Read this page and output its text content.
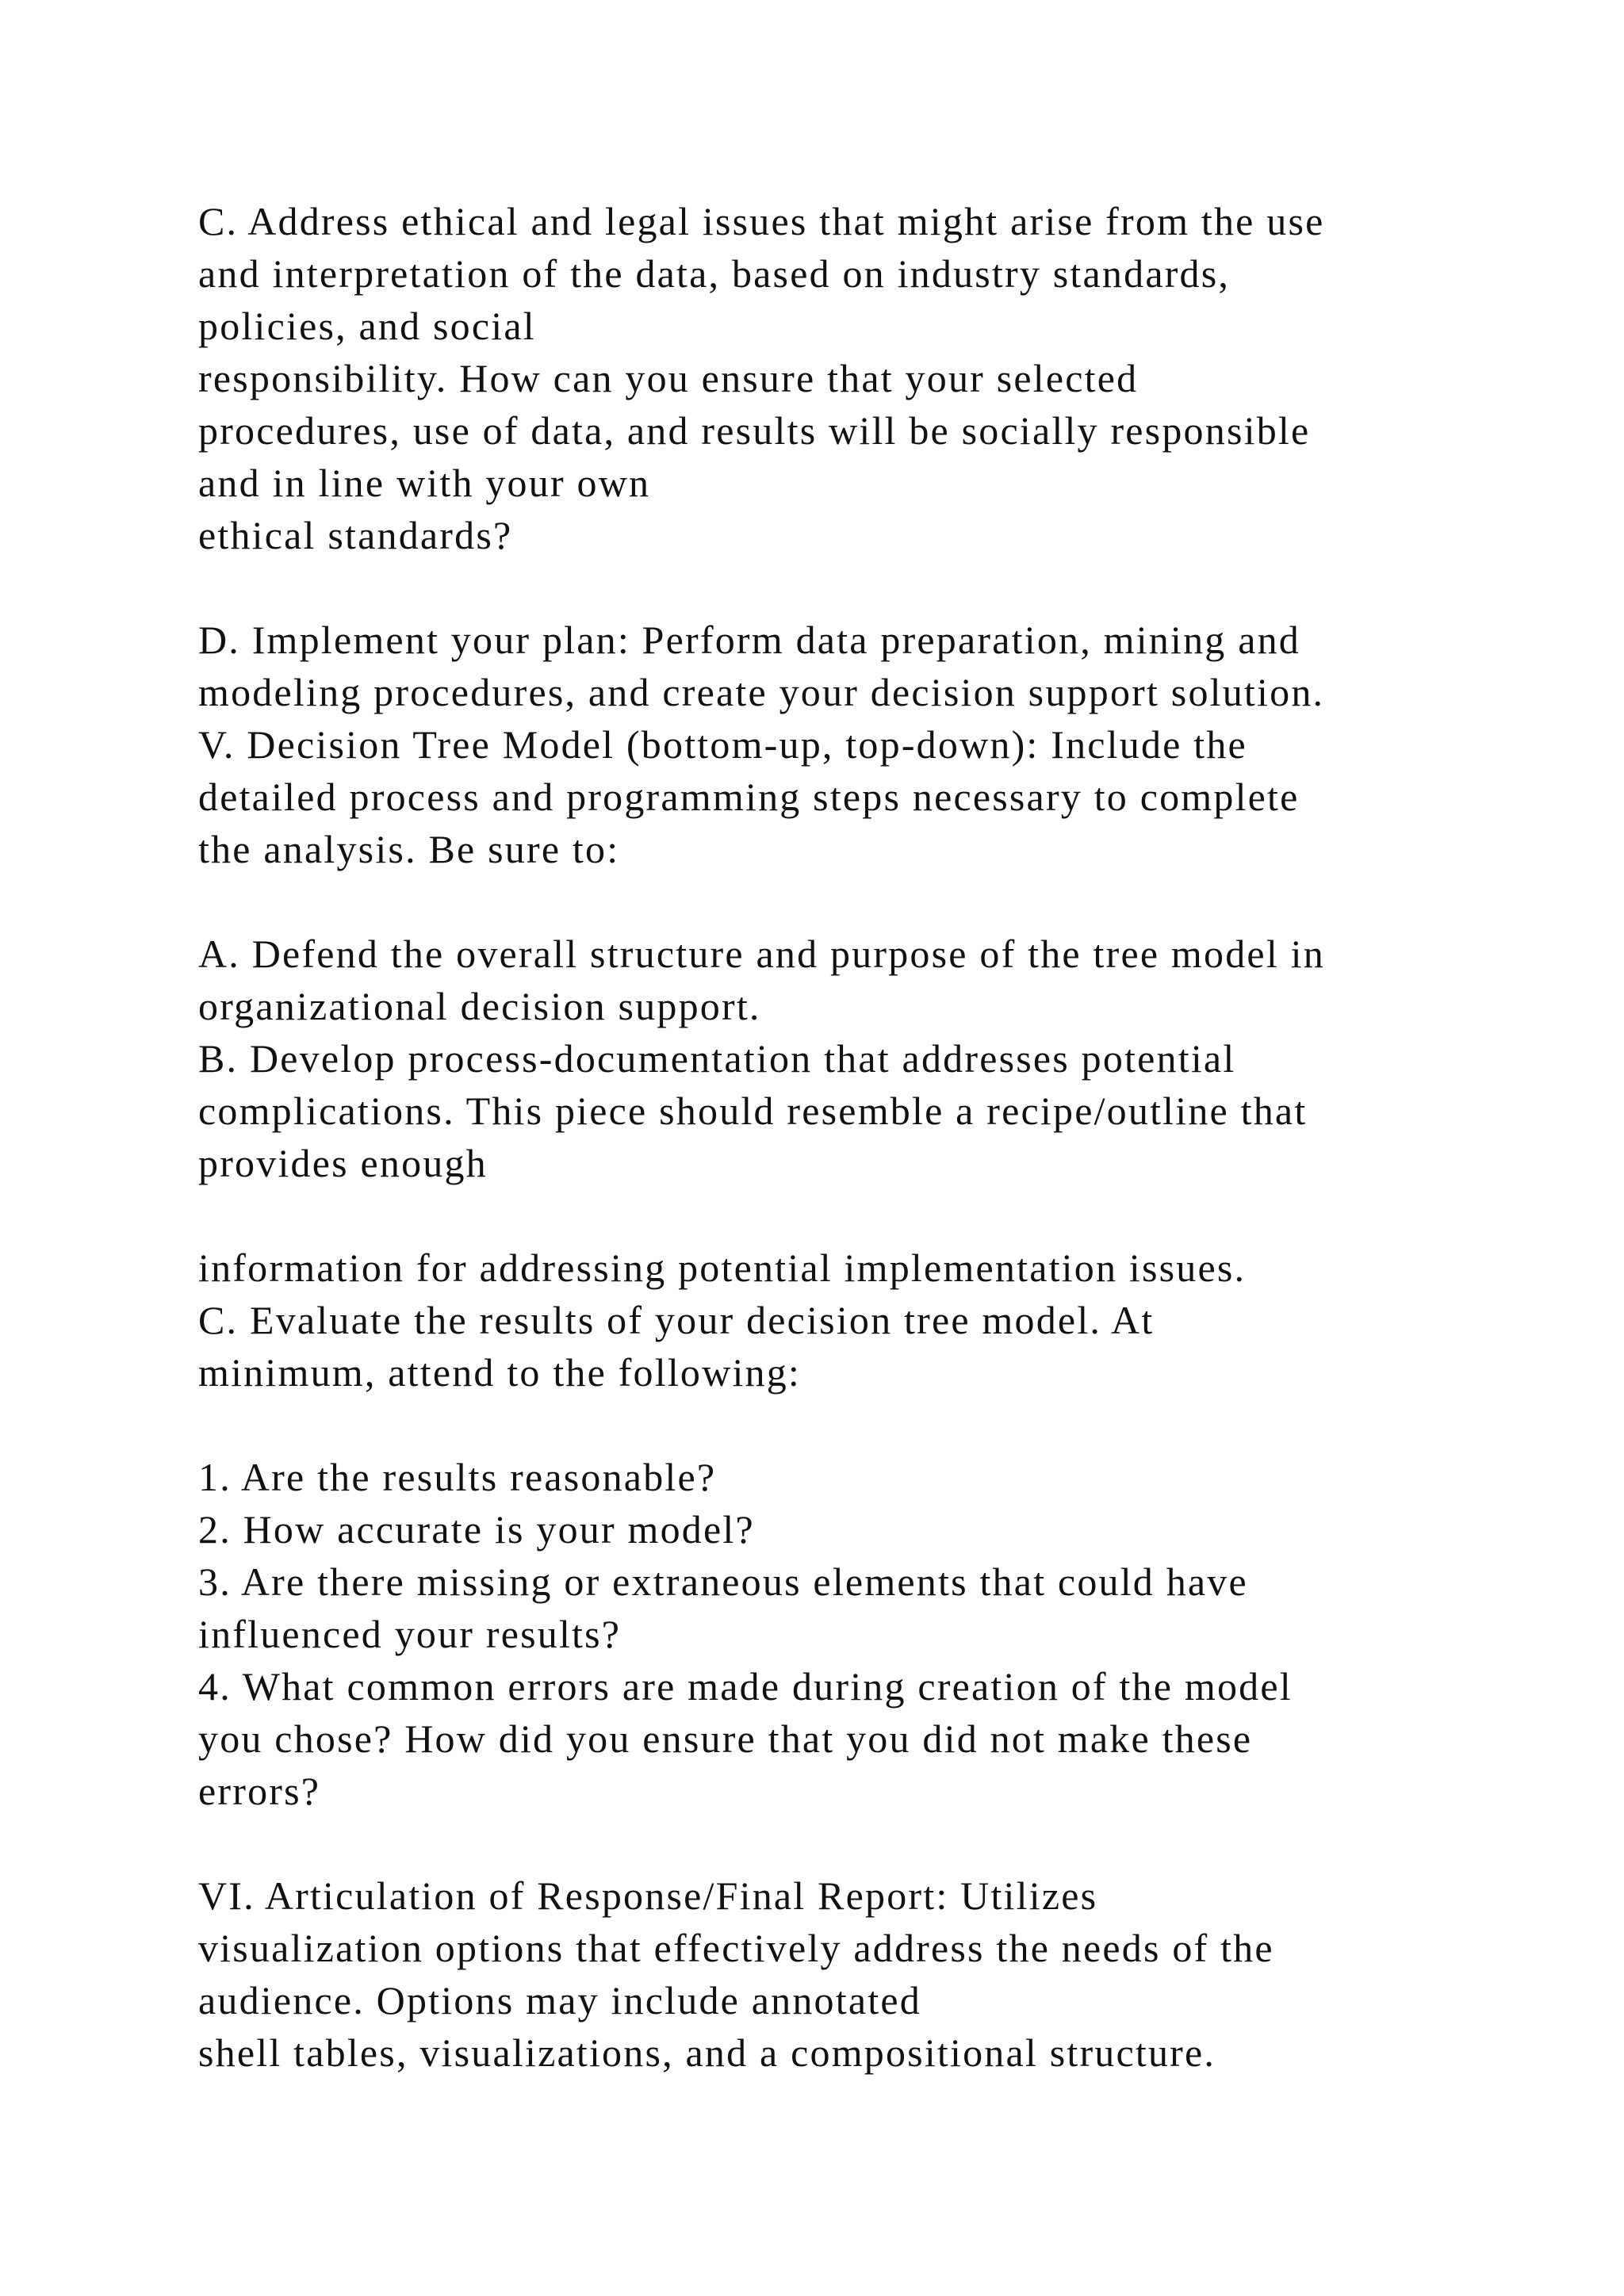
C. Address ethical and legal issues that might arise from the use
and interpretation of the data, based on industry standards,
policies, and social
responsibility. How can you ensure that your selected
procedures, use of data, and results will be socially responsible
and in line with your own
ethical standards?
D. Implement your plan: Perform data preparation, mining and
modeling procedures, and create your decision support solution.
V. Decision Tree Model (bottom-up, top-down): Include the
detailed process and programming steps necessary to complete
the analysis. Be sure to:
A. Defend the overall structure and purpose of the tree model in
organizational decision support.
B. Develop process-documentation that addresses potential
complications. This piece should resemble a recipe/outline that
provides enough
information for addressing potential implementation issues.
C. Evaluate the results of your decision tree model. At
minimum, attend to the following:
1. Are the results reasonable?
2. How accurate is your model?
3. Are there missing or extraneous elements that could have
influenced your results?
4. What common errors are made during creation of the model
you chose? How did you ensure that you did not make these
errors?
VI. Articulation of Response/Final Report: Utilizes
visualization options that effectively address the needs of the
audience. Options may include annotated
shell tables, visualizations, and a compositional structure.
